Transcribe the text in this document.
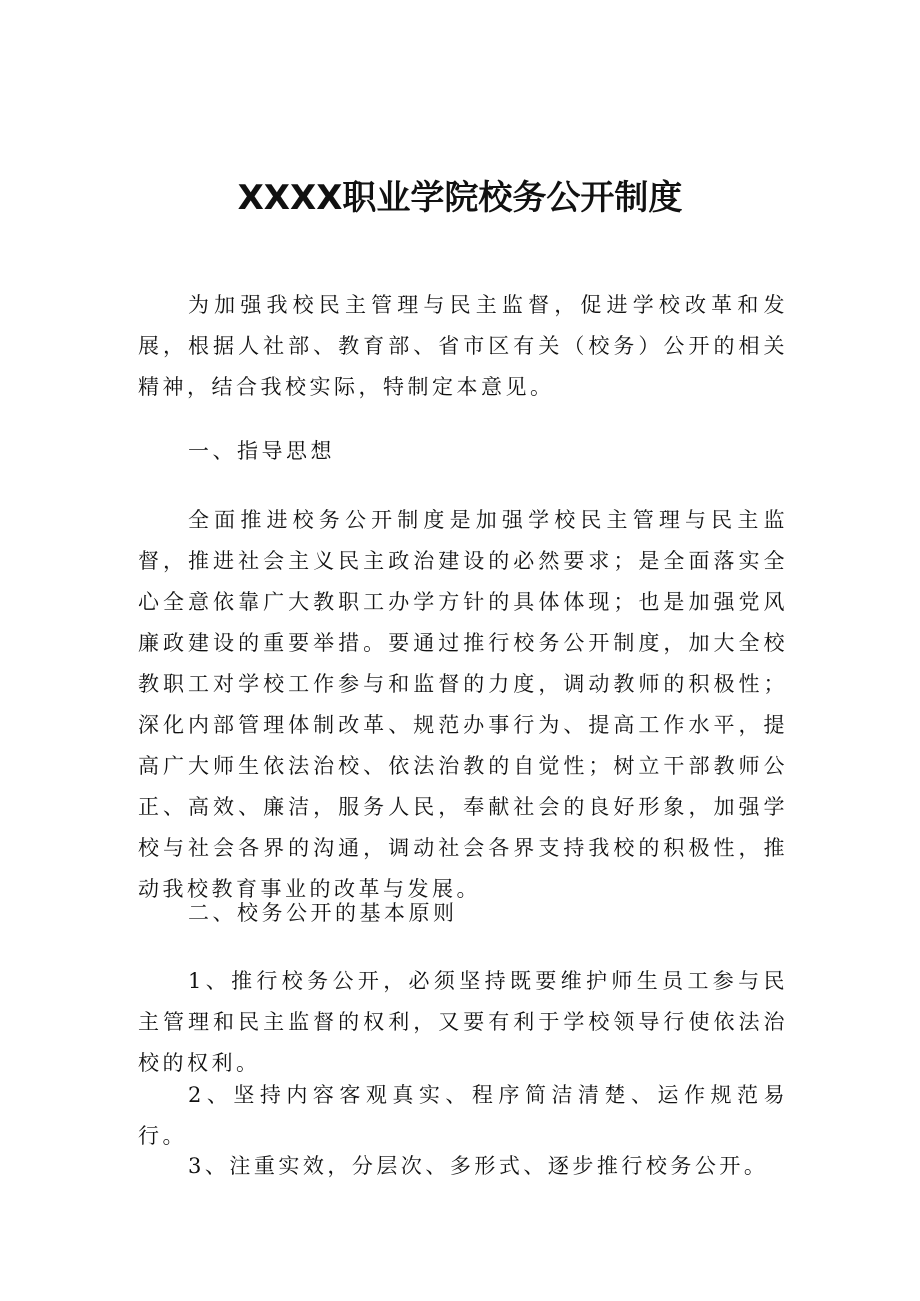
XXXX职业学院校务公开制度

为加强我校民主管理与民主监督，促进学校改革和发展，根据人社部、教育部、省市区有关（校务）公开的相关精神，结合我校实际，特制定本意见。

一、指导思想

全面推进校务公开制度是加强学校民主管理与民主监督，推进社会主义民主政治建设的必然要求；是全面落实全心全意依靠广大教职工办学方针的具体体现；也是加强党风廉政建设的重要举措。要通过推行校务公开制度，加大全校教职工对学校工作参与和监督的力度，调动教师的积极性；深化内部管理体制改革、规范办事行为、提高工作水平，提高广大师生依法治校、依法治教的自觉性；树立干部教师公正、高效、廉洁，服务人民，奉献社会的良好形象，加强学校与社会各界的沟通，调动社会各界支持我校的积极性，推动我校教育事业的改革与发展。

二、校务公开的基本原则

1、推行校务公开，必须坚持既要维护师生员工参与民主管理和民主监督的权利，又要有利于学校领导行使依法治校的权利。

2、坚持内容客观真实、程序简洁清楚、运作规范易行。

3、注重实效，分层次、多形式、逐步推行校务公开。
